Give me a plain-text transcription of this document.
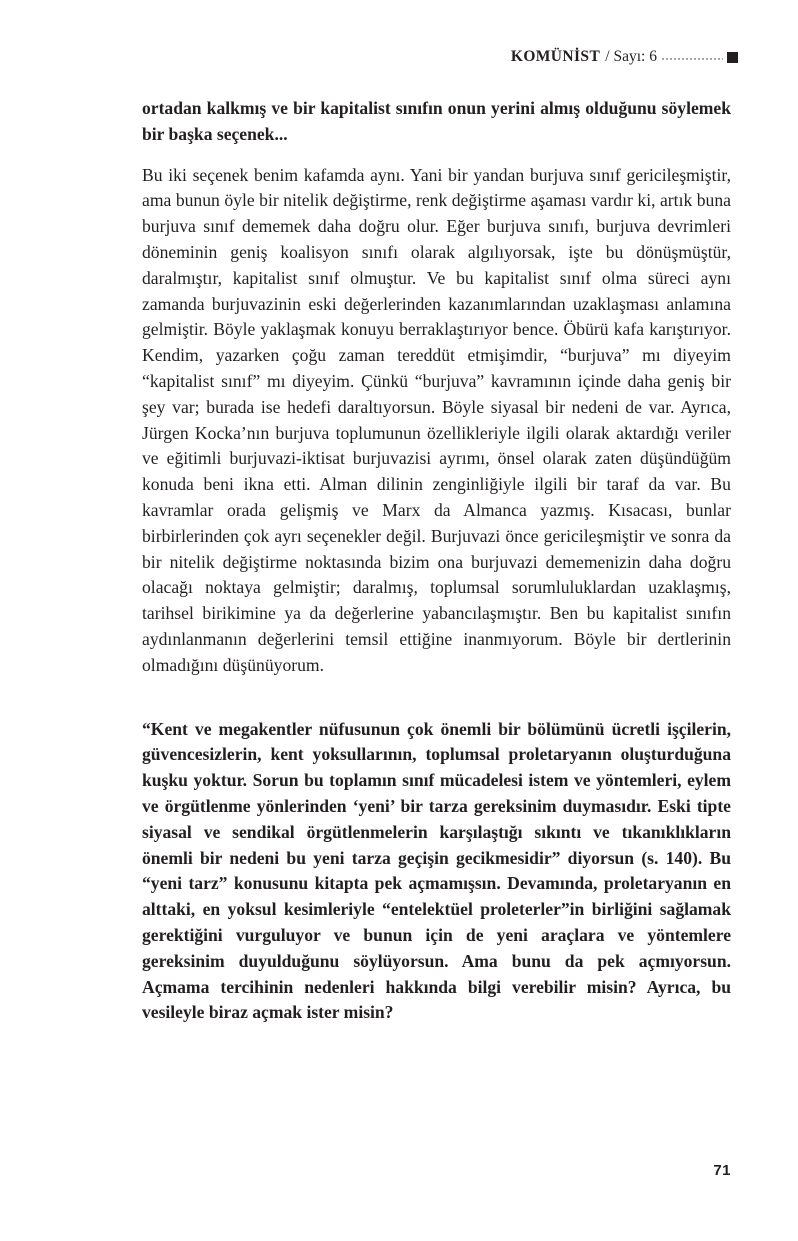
KOMÜNİST / Sayı: 6

ortadan kalkmış ve bir kapitalist sınıfın onun yerini almış olduğunu söylemek bir başka seçenek...

Bu iki seçenek benim kafamda aynı. Yani bir yandan burjuva sınıf gericileşmiştir, ama bunun öyle bir nitelik değiştirme, renk değiştirme aşaması vardır ki, artık buna burjuva sınıf dememek daha doğru olur. Eğer burjuva sınıfı, burjuva devrimleri döneminin geniş koalisyon sınıfı olarak algılıyorsak, işte bu dönüşmüştür, daralmıştır, kapitalist sınıf olmuştur. Ve bu kapitalist sınıf olma süreci aynı zamanda burjuvazinin eski değerlerinden kazanımlarından uzaklaşması anlamına gelmiştir. Böyle yaklaşmak konuyu berraklaştırıyor bence. Öbürü kafa karıştırıyor. Kendim, yazarken çoğu zaman tereddüt etmişimdir, “burjuva” mı diyeyim “kapitalist sınıf” mı diyeyim. Çünkü “burjuva” kavramının içinde daha geniş bir şey var; burada ise hedefi daraltıyorsun. Böyle siyasal bir nedeni de var. Ayrıca, Jürgen Kocka’nın burjuva toplumunun özellikleriyle ilgili olarak aktardığı veriler ve eğitimli burjuvazi-iktisat burjuvazisi ayrımı, önsel olarak zaten düşündüğüm konuda beni ikna etti. Alman dilinin zenginliğiyle ilgili bir taraf da var. Bu kavramlar orada gelişmiş ve Marx da Almanca yazmış. Kısacası, bunlar birbirlerinden çok ayrı seçenekler değil. Burjuvazi önce gericileşmiştir ve sonra da bir nitelik değiştirme noktasında bizim ona burjuvazi dememenizin daha doğru olacağı noktaya gelmiştir; daralmış, toplumsal sorumluluklardan uzaklaşmış, tarihsel birikimine ya da değerlerine yabancılaşmıştır. Ben bu kapitalist sınıfın aydınlanmanın değerlerini temsil ettiğine inanmıyorum. Böyle bir dertlerinin olmadığını düşünüyorum.

“Kent ve megakentler nüfusunun çok önemli bir bölümünü ücretli işçilerin, güvencesizlerin, kent yoksullarının, toplumsal proletaryanın oluşturduğuna kuşku yoktur. Sorun bu toplamın sınıf mücadelesi istem ve yöntemleri, eylem ve örgütlenme yönlerinden ‘yeni’ bir tarza gereksinim duymasıdır. Eski tipte siyasal ve sendikal örgütlenmelerin karşılaştığı sıkıntı ve tıkanıklıkların önemli bir nedeni bu yeni tarza geçişin gecikmesidir” diyorsun (s. 140). Bu “yeni tarz” konusunu kitapta pek açmamışsın. Devamında, proletaryanın en alttaki, en yoksul kesimleriyle “entelektüel proleterler”in birliğini sağlamak gerektiğini vurguluyor ve bunun için de yeni araçlara ve yöntemlere gereksinim duyulduğunu söylüyorsun. Ama bunu da pek açmıyorsun. Açmama tercihinin nedenleri hakkında bilgi verebilir misin? Ayrıca, bu vesileyle biraz açmak ister misin?

71
